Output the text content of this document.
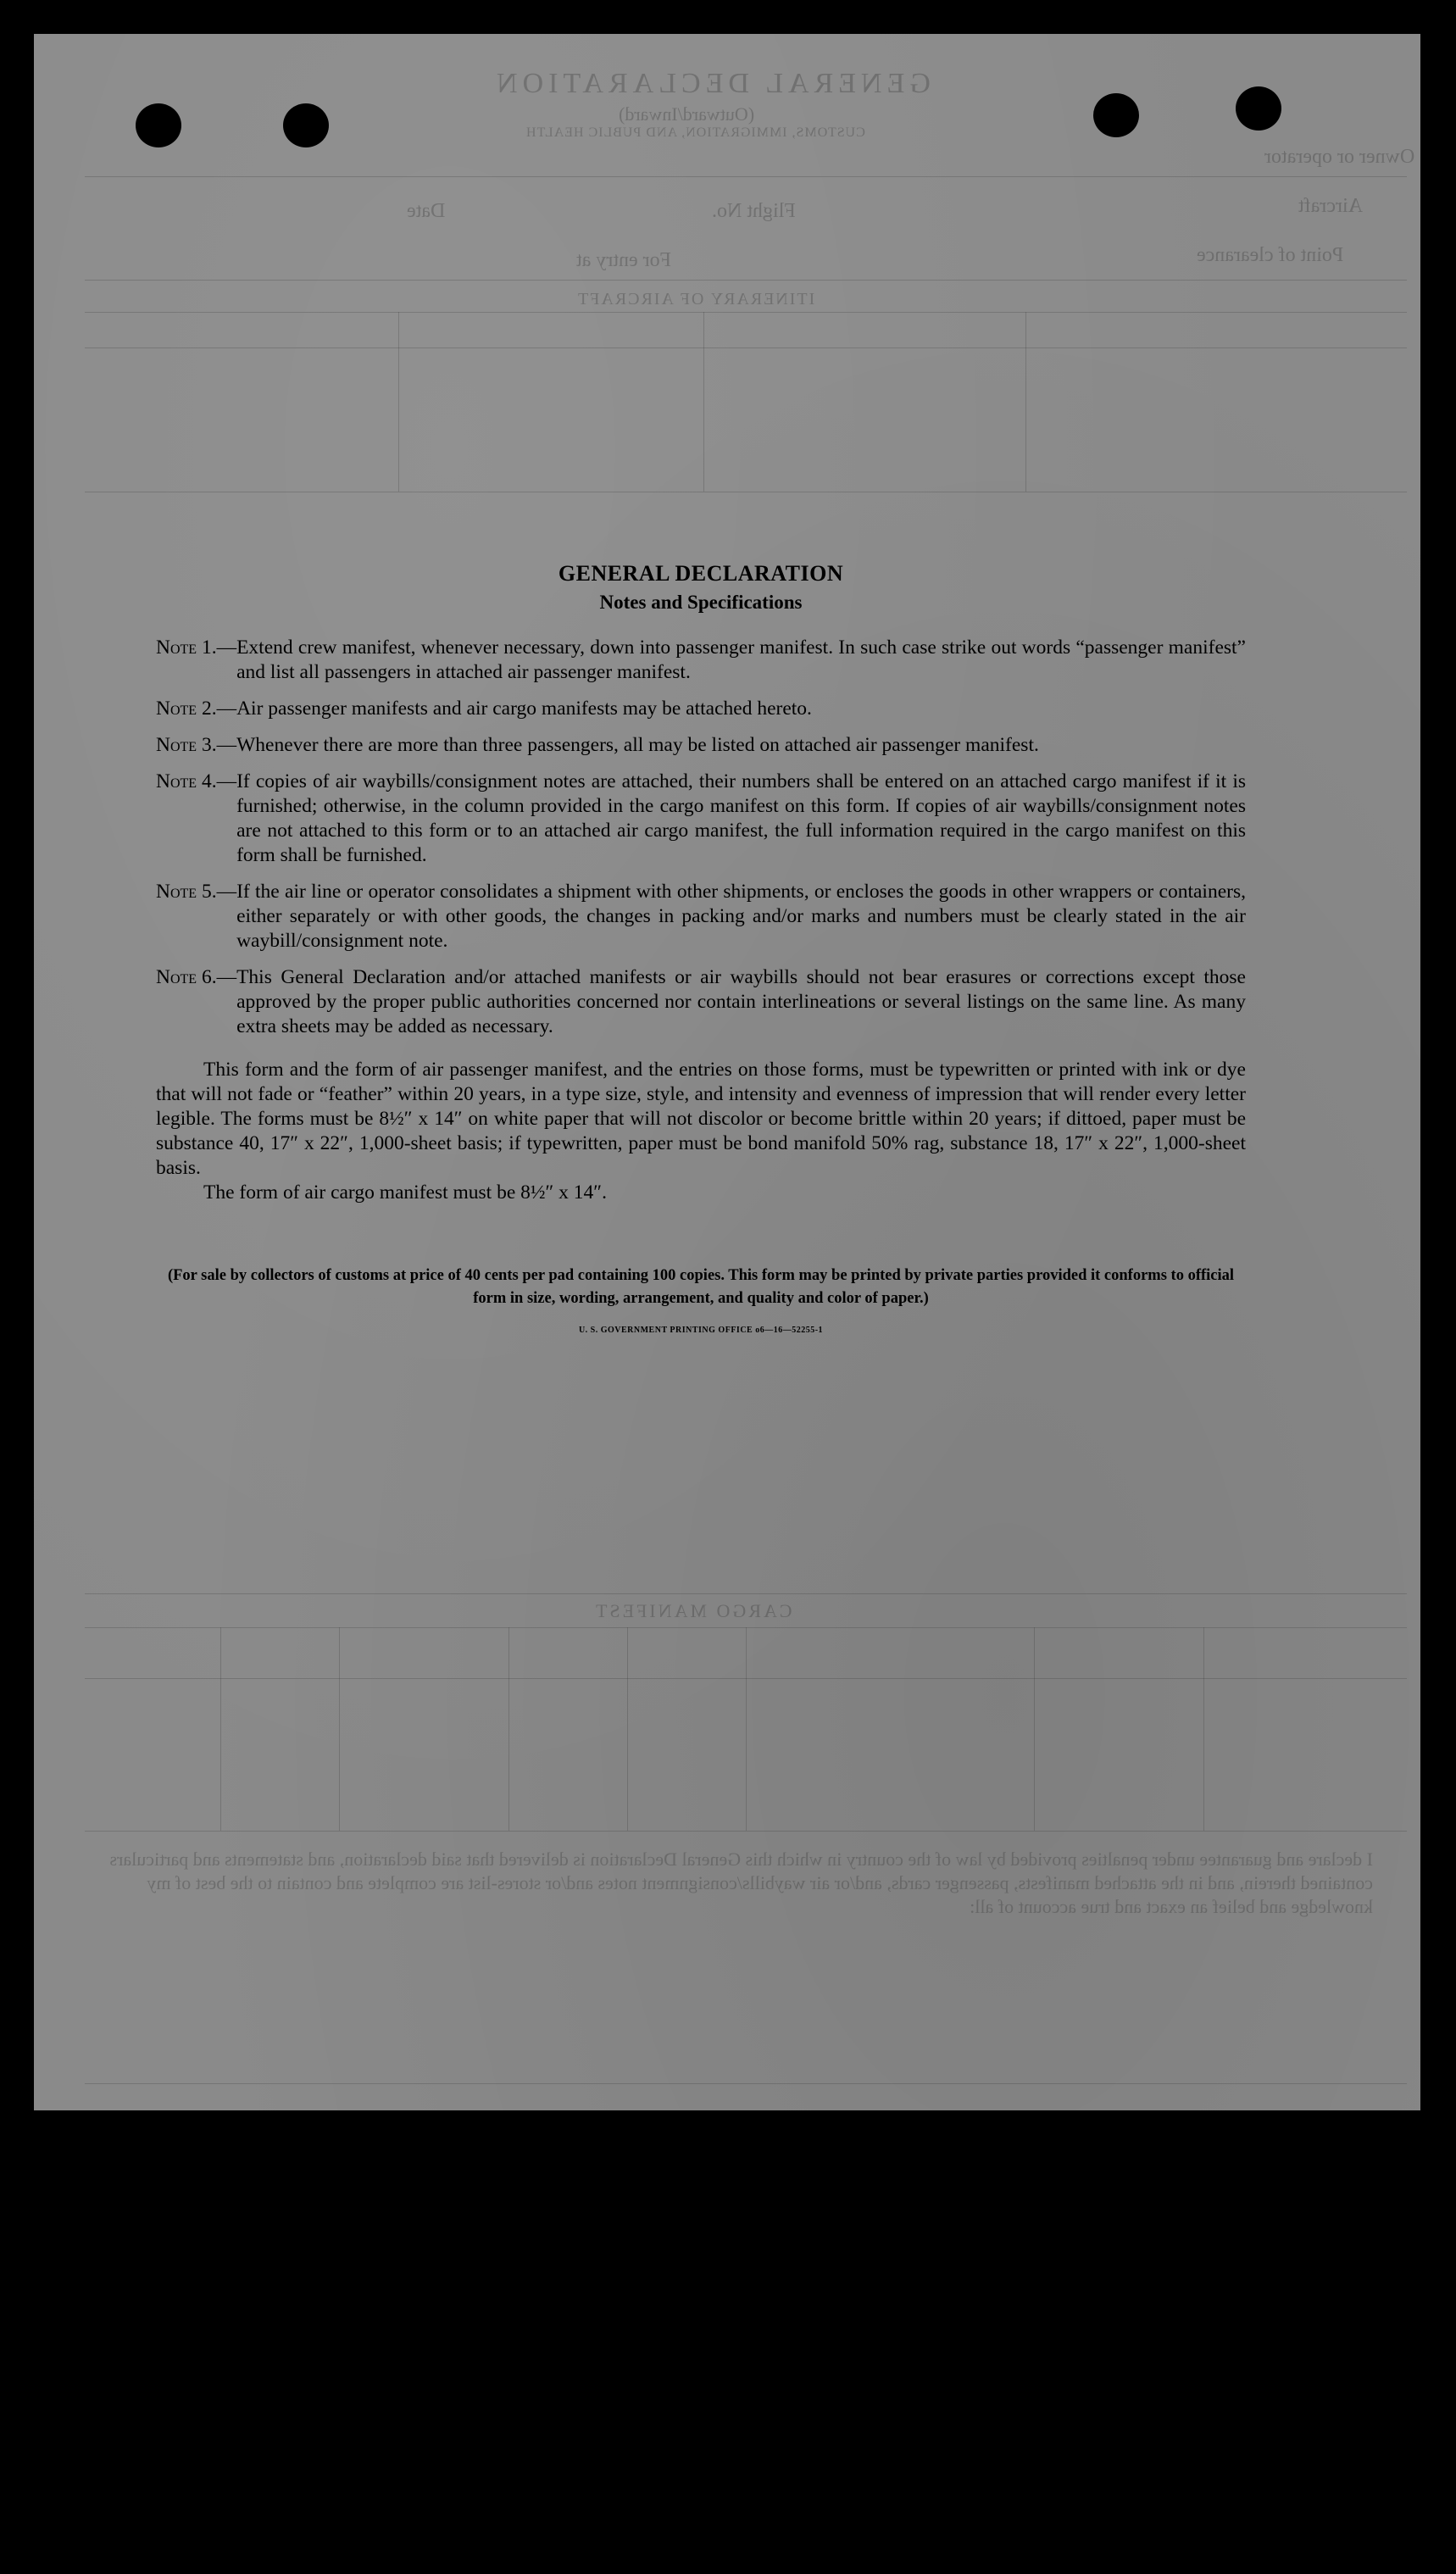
GENERAL DECLARATION
(Outward/Inward)
CUSTOMS, IMMIGRATION, AND PUBLIC HEALTH
Owner or operator
Aircraft
Flight No.
Date
Point of clearance
For entry at
ITINERARY OF AIRCRAFT
CARGO MANIFEST
I declare and guarantee under penalties provided by law of the country in which this General Declaration is delivered that said declaration, and statements and particulars contained therein, and in the attached manifests, passenger cards, and/or air waybills/consignment notes and/or stores-list are complete and contain to the best of my knowledge and belief an exact and true account of all:
GENERAL DECLARATION
Notes and Specifications
Note 1. — Extend crew manifest, whenever necessary, down into passenger manifest. In such case strike out words “passenger manifest” and list all passengers in attached air passenger manifest.
Note 2. — Air passenger manifests and air cargo manifests may be attached hereto.
Note 3. — Whenever there are more than three passengers, all may be listed on attached air passenger manifest.
Note 4. — If copies of air waybills/consignment notes are attached, their numbers shall be entered on an attached cargo manifest if it is furnished; otherwise, in the column provided in the cargo manifest on this form. If copies of air waybills/consignment notes are not attached to this form or to an attached air cargo manifest, the full information required in the cargo manifest on this form shall be furnished.
Note 5. — If the air line or operator consolidates a shipment with other shipments, or encloses the goods in other wrappers or containers, either separately or with other goods, the changes in packing and/or marks and numbers must be clearly stated in the air waybill/consignment note.
Note 6. — This General Declaration and/or attached manifests or air waybills should not bear erasures or corrections except those approved by the proper public authorities concerned nor contain interlineations or several listings on the same line. As many extra sheets may be added as necessary.
This form and the form of air passenger manifest, and the entries on those forms, must be typewritten or printed with ink or dye that will not fade or “feather” within 20 years, in a type size, style, and intensity and evenness of impression that will render every letter legible. The forms must be 8½″ x 14″ on white paper that will not discolor or become brittle within 20 years; if dittoed, paper must be substance 40, 17″ x 22″, 1,000-sheet basis; if typewritten, paper must be bond manifold 50% rag, substance 18, 17″ x 22″, 1,000-sheet basis.
The form of air cargo manifest must be 8½″ x 14″.
(For sale by collectors of customs at price of 40 cents per pad containing 100 copies. This form may be printed by private parties provided it conforms to official form in size, wording, arrangement, and quality and color of paper.)
U. S. GOVERNMENT PRINTING OFFICE o6—16—52255-1
